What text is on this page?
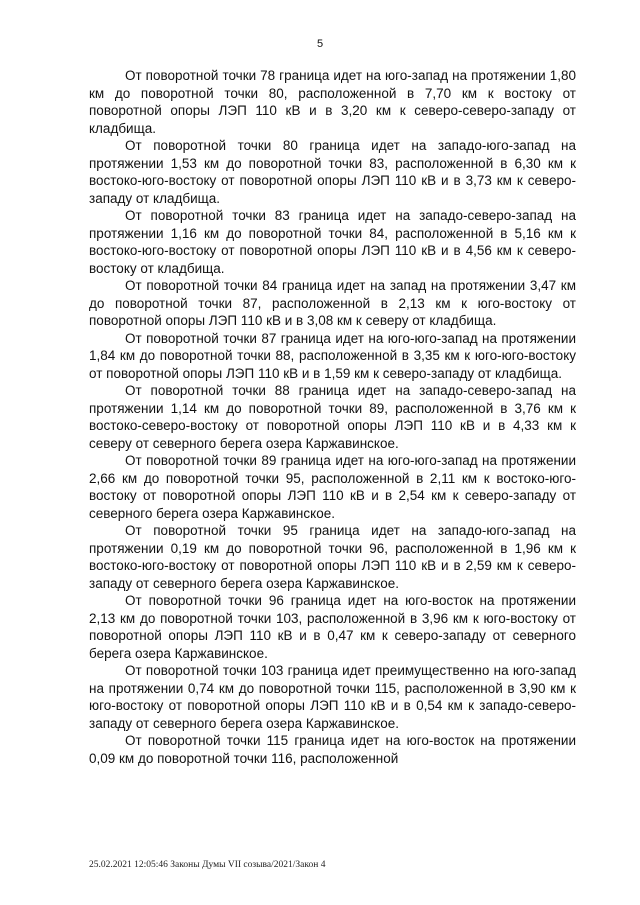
5

От поворотной точки 78 граница идет на юго-запад на протяжении 1,80 км до поворотной точки 80, расположенной в 7,70 км к востоку от поворотной опоры ЛЭП 110 кВ и в 3,20 км к северо-северо-западу от кладбища.

От поворотной точки 80 граница идет на западо-юго-запад на протяжении 1,53 км до поворотной точки 83, расположенной в 6,30 км к востоко-юго-востоку от поворотной опоры ЛЭП 110 кВ и в 3,73 км к северо-западу от кладбища.

От поворотной точки 83 граница идет на западо-северо-запад на протяжении 1,16 км до поворотной точки 84, расположенной в 5,16 км к востоко-юго-востоку от поворотной опоры ЛЭП 110 кВ и в 4,56 км к северо-востоку от кладбища.

От поворотной точки 84 граница идет на запад на протяжении 3,47 км до поворотной точки 87, расположенной в 2,13 км к юго-востоку от поворотной опоры ЛЭП 110 кВ и в 3,08 км к северу от кладбища.

От поворотной точки 87 граница идет на юго-юго-запад на протяжении 1,84 км до поворотной точки 88, расположенной в 3,35 км к юго-юго-востоку от поворотной опоры ЛЭП 110 кВ и в 1,59 км к северо-западу от кладбища.

От поворотной точки 88 граница идет на западо-северо-запад на протяжении 1,14 км до поворотной точки 89, расположенной в 3,76 км к востоко-северо-востоку от поворотной опоры ЛЭП 110 кВ и в 4,33 км к северу от северного берега озера Каржавинское.

От поворотной точки 89 граница идет на юго-юго-запад на протяжении 2,66 км до поворотной точки 95, расположенной в 2,11 км к востоко-юго-востоку от поворотной опоры ЛЭП 110 кВ и в 2,54 км к северо-западу от северного берега озера Каржавинское.

От поворотной точки 95 граница идет на западо-юго-запад на протяжении 0,19 км до поворотной точки 96, расположенной в 1,96 км к востоко-юго-востоку от поворотной опоры ЛЭП 110 кВ и в 2,59 км к северо-западу от северного берега озера Каржавинское.

От поворотной точки 96 граница идет на юго-восток на протяжении 2,13 км до поворотной точки 103, расположенной в 3,96 км к юго-востоку от поворотной опоры ЛЭП 110 кВ и в 0,47 км к северо-западу от северного берега озера Каржавинское.

От поворотной точки 103 граница идет преимущественно на юго-запад на протяжении 0,74 км до поворотной точки 115, расположенной в 3,90 км к юго-востоку от поворотной опоры ЛЭП 110 кВ и в 0,54 км к западо-северо-западу от северного берега озера Каржавинское.

От поворотной точки 115 граница идет на юго-восток на протяжении 0,09 км до поворотной точки 116, расположенной

25.02.2021 12:05:46 Законы Думы VII созыва/2021/Закон 4
